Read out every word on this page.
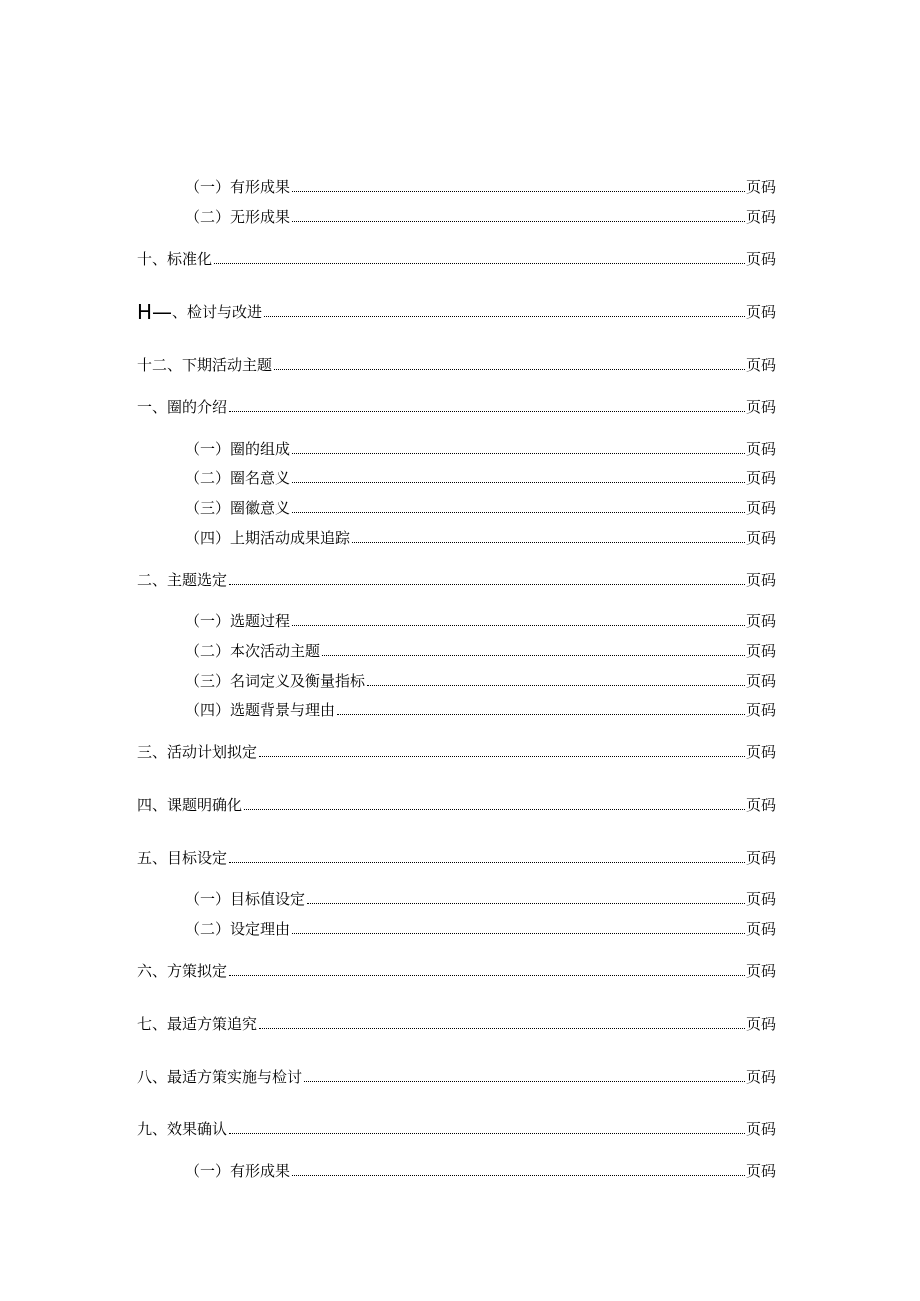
（一）有形成果	页码
（二）无形成果	页码
十、标准化	页码
H— 、检讨与改进	页码
十二、下期活动主题	页码
一、圈的介绍	页码
（一）圈的组成	页码
（二）圈名意义	页码
（三）圈徽意义	页码
（四）上期活动成果追踪	页码
二、主题选定	页码
（一）选题过程	页码
（二）本次活动主题	页码
（三）名词定义及衡量指标	页码
（四）选题背景与理由	页码
三、活动计划拟定	页码
四、课题明确化	页码
五、目标设定	页码
（一）目标值设定	页码
（二）设定理由	页码
六、方策拟定	页码
七、最适方策追究	页码
八、最适方策实施与检讨	页码
九、效果确认	页码
（一）有形成果	页码
